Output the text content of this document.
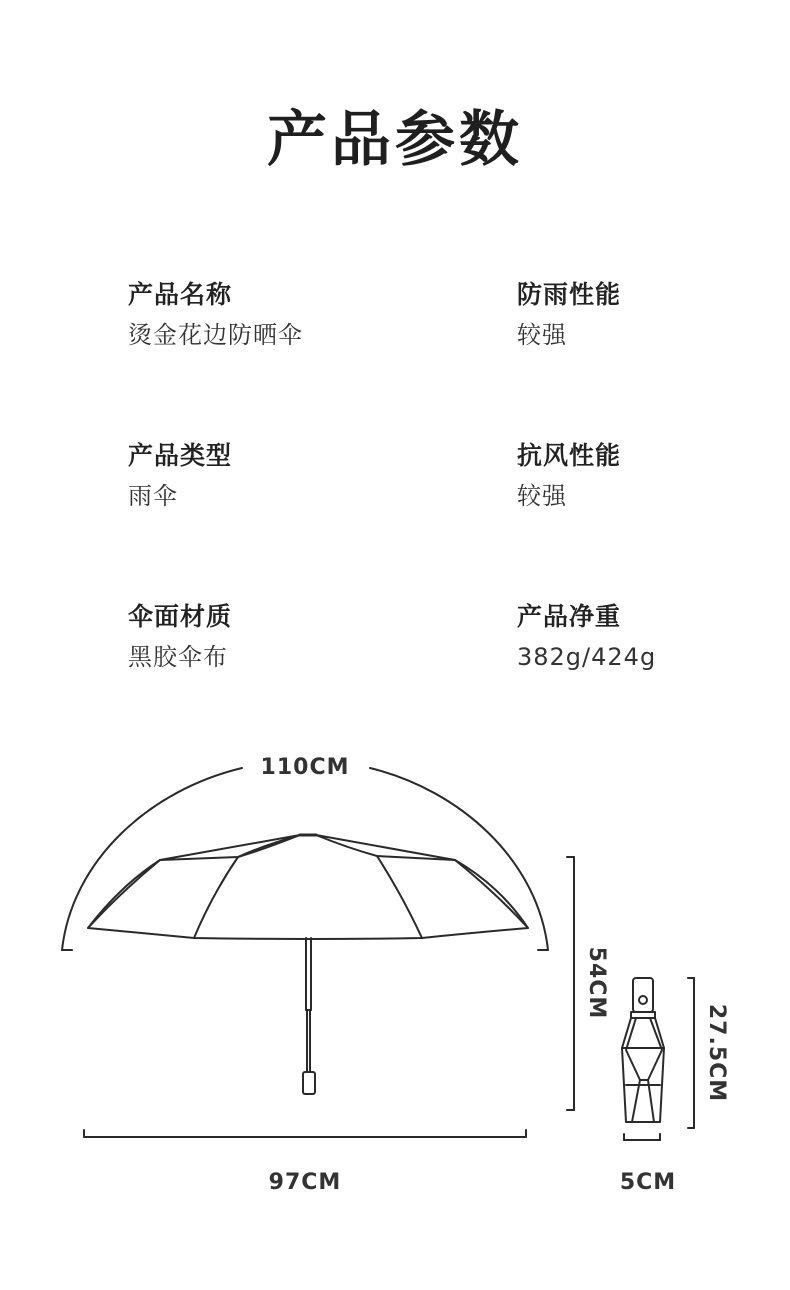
产品参数
产品名称
烫金花边防晒伞
防雨性能
较强
产品类型
雨伞
抗风性能
较强
伞面材质
黑胶伞布
产品净重
382g/424g
110CM
54CM
97CM
27.5CM
5CM
